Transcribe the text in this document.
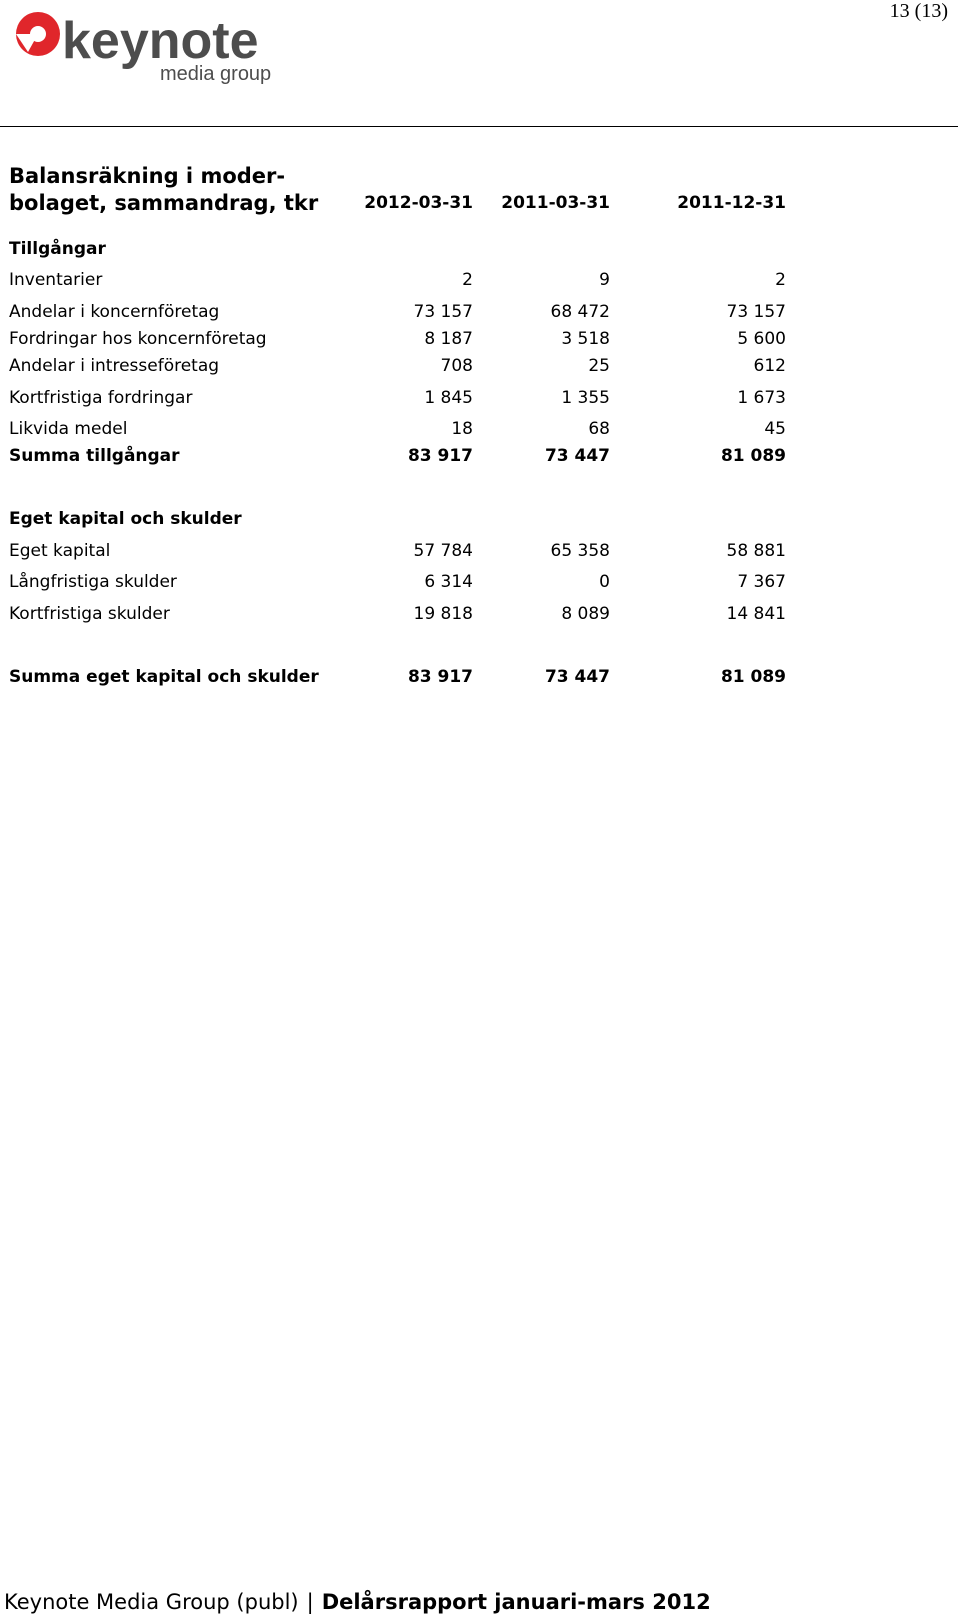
keynote
media group
13 (13)
Balansräkning i moder-
bolaget, sammandrag, tkr	2012-03-31 2011-03-31	2011-12-31
Tillgångar
Inventarier	2	9	2
Andelar i koncernföretag	73 157	68 472	73 157
Fordringar hos koncernföretag	8 187	3 518	5 600
Andelar i intresseföretag	708	25	612
Kortfristiga fordringar	1 845	1 355	1 673
Likvida medel	18	68	45
Summa tillgångar	83 917	73 447	81 089
Eget kapital och skulder
Eget kapital	57 784	65 358	58 881
Långfristiga skulder	6 314	0	7 367
Kortfristiga skulder	19 818	8 089	14 841
Summa eget kapital och skulder	83 917	73 447	81 089
Keynote Media Group (publ) | Delårsrapport januari-mars 2012
